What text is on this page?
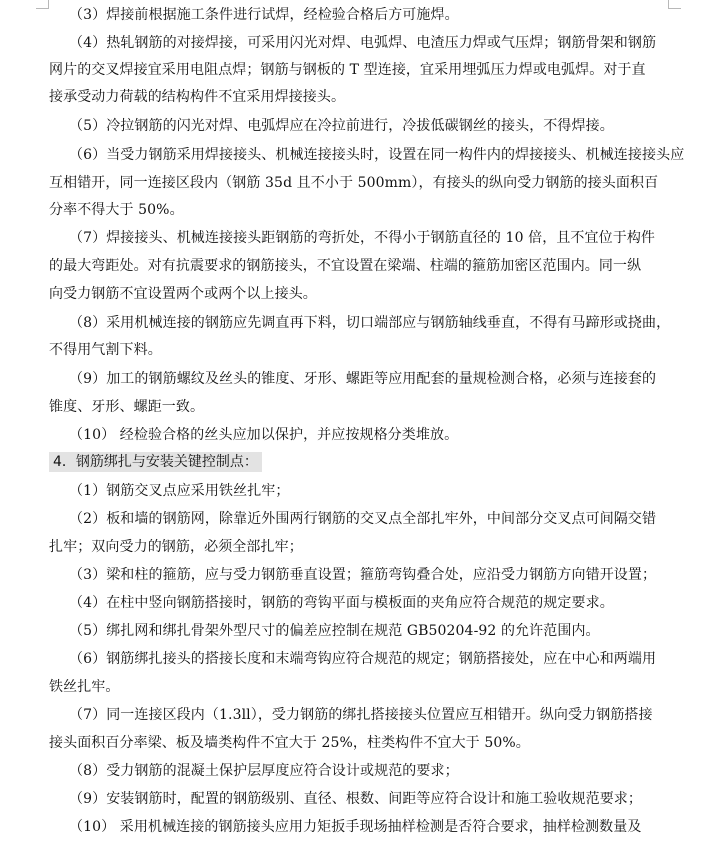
（3）焊接前根据施工条件进行试焊，经检验合格后方可施焊。
（4）热轧钢筋的对接焊接，可采用闪光对焊、电弧焊、电渣压力焊或气压焊；钢筋骨架和钢筋
网片的交叉焊接宜采用电阻点焊；钢筋与钢板的 T 型连接，宜采用埋弧压力焊或电弧焊。对于直
接承受动力荷载的结构构件不宜采用焊接接头。
（5）冷拉钢筋的闪光对焊、电弧焊应在冷拉前进行，冷拔低碳钢丝的接头，不得焊接。
（6）当受力钢筋采用焊接接头、机械连接接头时，设置在同一构件内的焊接接头、机械连接接头应
互相错开，同一连接区段内（钢筋 35d 且不小于 500mm），有接头的纵向受力钢筋的接头面积百
分率不得大于 50%。
（7）焊接接头、机械连接接头距钢筋的弯折处，不得小于钢筋直径的 10 倍，且不宜位于构件
的最大弯距处。对有抗震要求的钢筋接头，不宜设置在梁端、柱端的箍筋加密区范围内。同一纵
向受力钢筋不宜设置两个或两个以上接头。
（8）采用机械连接的钢筋应先调直再下料，切口端部应与钢筋轴线垂直，不得有马蹄形或挠曲，
不得用气割下料。
（9）加工的钢筋螺纹及丝头的锥度、牙形、螺距等应用配套的量规检测合格，必须与连接套的
锥度、牙形、螺距一致。
（10） 经检验合格的丝头应加以保护，并应按规格分类堆放。
4．钢筋绑扎与安装关键控制点：
（1）钢筋交叉点应采用铁丝扎牢；
（2）板和墙的钢筋网，除靠近外围两行钢筋的交叉点全部扎牢外，中间部分交叉点可间隔交错
扎牢；双向受力的钢筋，必须全部扎牢；
（3）梁和柱的箍筋，应与受力钢筋垂直设置；箍筋弯钩叠合处，应沿受力钢筋方向错开设置；
（4）在柱中竖向钢筋搭接时，钢筋的弯钩平面与模板面的夹角应符合规范的规定要求。
（5）绑扎网和绑扎骨架外型尺寸的偏差应控制在规范 GB50204-92 的允许范围内。
（6）钢筋绑扎接头的搭接长度和末端弯钩应符合规范的规定；钢筋搭接处，应在中心和两端用
铁丝扎牢。
（7）同一连接区段内（1.3ll），受力钢筋的绑扎搭接接头位置应互相错开。纵向受力钢筋搭接
接头面积百分率梁、板及墙类构件不宜大于 25%，柱类构件不宜大于 50%。
（8）受力钢筋的混凝土保护层厚度应符合设计或规范的要求；
（9）安装钢筋时，配置的钢筋级别、直径、根数、间距等应符合设计和施工验收规范要求；
（10） 采用机械连接的钢筋接头应用力矩扳手现场抽样检测是否符合要求，抽样检测数量及
